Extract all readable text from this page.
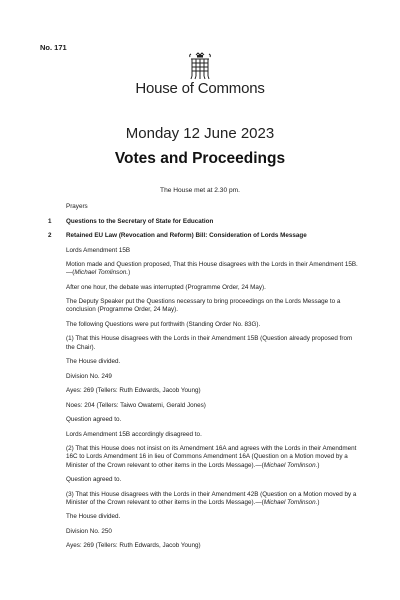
No. 171
House of Commons
Monday 12 June 2023
Votes and Proceedings
The House met at 2.30 pm.
Prayers
1	Questions to the Secretary of State for Education
2	Retained EU Law (Revocation and Reform) Bill: Consideration of Lords Message
Lords Amendment 15B
Motion made and Question proposed, That this House disagrees with the Lords in their Amendment 15B.—(Michael Tomlinson.)
After one hour, the debate was interrupted (Programme Order, 24 May).
The Deputy Speaker put the Questions necessary to bring proceedings on the Lords Message to a conclusion (Programme Order, 24 May).
The following Questions were put forthwith (Standing Order No. 83G).
(1) That this House disagrees with the Lords in their Amendment 15B (Question already proposed from the Chair).
The House divided.
Division No. 249
Ayes: 269 (Tellers: Ruth Edwards, Jacob Young)
Noes: 204 (Tellers: Taiwo Owatemi, Gerald Jones)
Question agreed to.
Lords Amendment 15B accordingly disagreed to.
(2) That this House does not insist on its Amendment 16A and agrees with the Lords in their Amendment 16C to Lords Amendment 16 in lieu of Commons Amendment 16A (Question on a Motion moved by a Minister of the Crown relevant to other items in the Lords Message).—(Michael Tomlinson.)
Question agreed to.
(3) That this House disagrees with the Lords in their Amendment 42B (Question on a Motion moved by a Minister of the Crown relevant to other items in the Lords Message).—(Michael Tomlinson.)
The House divided.
Division No. 250
Ayes: 269 (Tellers: Ruth Edwards, Jacob Young)
